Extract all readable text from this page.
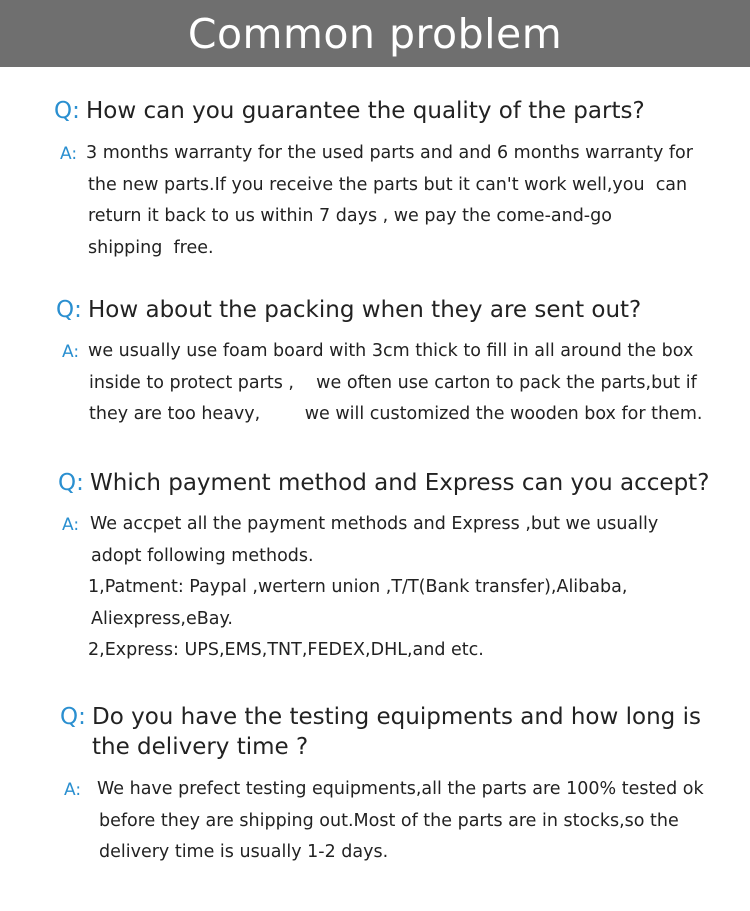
Common problem
Q: How can you guarantee the quality of the parts?
A: 3 months warranty for the used parts and and 6 months warranty for
the new parts.If you receive the parts but it can't work well,you  can
return it back to us within 7 days , we pay the come-and-go
shipping  free.
Q: How about the packing when they are sent out?
A: we usually use foam board with 3cm thick to fill in all around the box
inside to protect parts ,    we often use carton to pack the parts,but if
they are too heavy,        we will customized the wooden box for them.
Q: Which payment method and Express can you accept?
A: We accpet all the payment methods and Express ,but we usually
adopt following methods.
1,Patment: Paypal ,wertern union ,T/T(Bank transfer),Alibaba,
Aliexpress,eBay.
2,Express: UPS,EMS,TNT,FEDEX,DHL,and etc.
Q: Do you have the testing equipments and how long is
the delivery time ?
A: We have prefect testing equipments,all the parts are 100% tested ok
before they are shipping out.Most of the parts are in stocks,so the
delivery time is usually 1-2 days.
